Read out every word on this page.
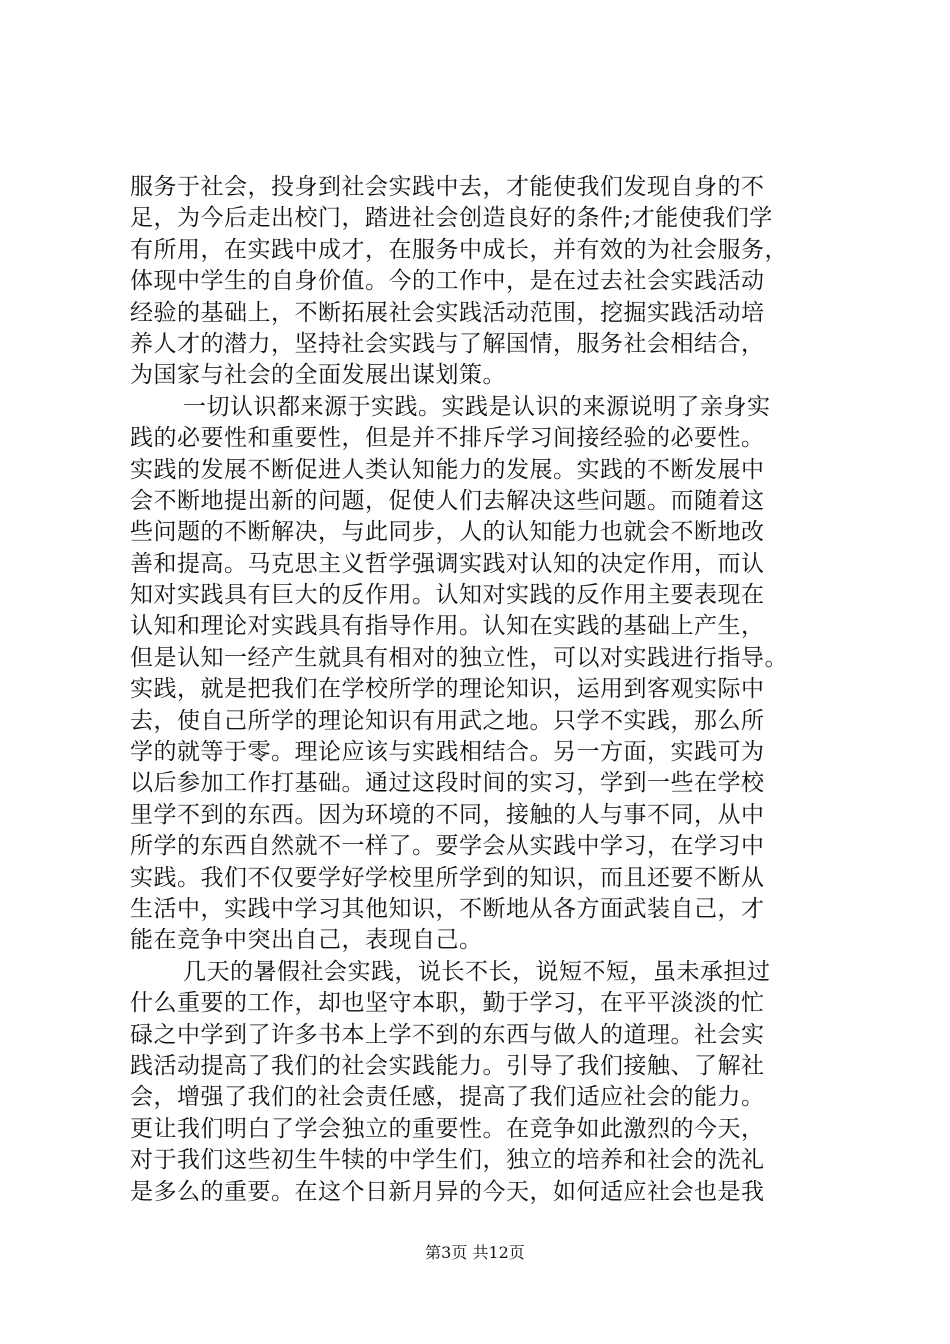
服务于社会，投身到社会实践中去，才能使我们发现自身的不
足，为今后走出校门，踏进社会创造良好的条件;才能使我们学
有所用，在实践中成才，在服务中成长，并有效的为社会服务，
体现中学生的自身价值。今的工作中，是在过去社会实践活动
经验的基础上，不断拓展社会实践活动范围，挖掘实践活动培
养人才的潜力，坚持社会实践与了解国情，服务社会相结合，
为国家与社会的全面发展出谋划策。
一切认识都来源于实践。实践是认识的来源说明了亲身实
践的必要性和重要性，但是并不排斥学习间接经验的必要性。
实践的发展不断促进人类认知能力的发展。实践的不断发展中
会不断地提出新的问题，促使人们去解决这些问题。而随着这
些问题的不断解决，与此同步，人的认知能力也就会不断地改
善和提高。马克思主义哲学强调实践对认知的决定作用，而认
知对实践具有巨大的反作用。认知对实践的反作用主要表现在
认知和理论对实践具有指导作用。认知在实践的基础上产生，
但是认知一经产生就具有相对的独立性，可以对实践进行指导。
实践，就是把我们在学校所学的理论知识，运用到客观实际中
去，使自己所学的理论知识有用武之地。只学不实践，那么所
学的就等于零。理论应该与实践相结合。另一方面，实践可为
以后参加工作打基础。通过这段时间的实习，学到一些在学校
里学不到的东西。因为环境的不同，接触的人与事不同，从中
所学的东西自然就不一样了。要学会从实践中学习，在学习中
实践。我们不仅要学好学校里所学到的知识，而且还要不断从
生活中，实践中学习其他知识，不断地从各方面武装自己，才
能在竞争中突出自己，表现自己。
几天的暑假社会实践，说长不长，说短不短，虽未承担过
什么重要的工作，却也坚守本职，勤于学习，在平平淡淡的忙
碌之中学到了许多书本上学不到的东西与做人的道理。社会实
践活动提高了我们的社会实践能力。引导了我们接触、了解社
会，增强了我们的社会责任感，提高了我们适应社会的能力。
更让我们明白了学会独立的重要性。在竞争如此激烈的今天，
对于我们这些初生牛犊的中学生们，独立的培养和社会的洗礼
是多么的重要。在这个日新月异的今天，如何适应社会也是我
第3页 共12页
